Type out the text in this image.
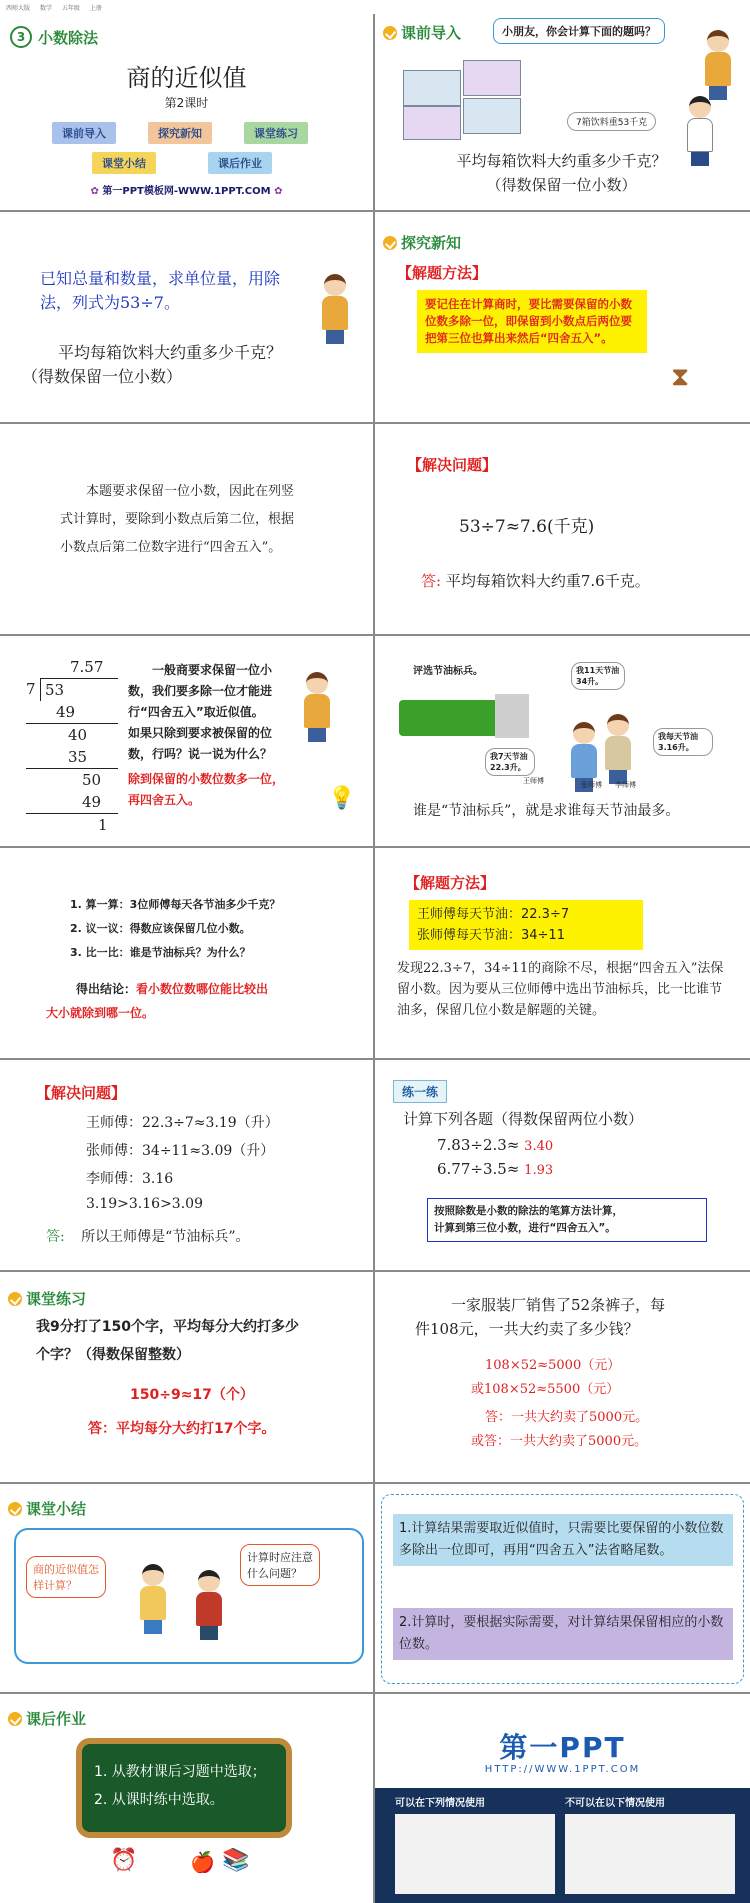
西师大版 数学 五年级 上册
3 小数除法
商的近似值
第2课时
课前导入	探究新知	课堂练习
课堂小结	课后作业
✿ 第一PPT模板网-WWW.1PPT.COM ✿
课前导入	小朋友，你会计算下面的题吗？
7箱饮料重53千克
平均每箱饮料大约重多少千克？
（得数保留一位小数）
已知总量和数量，求单位量，用除
法，列式为53÷7。
平均每箱饮料大约重多少千克？
（得数保留一位小数）
探究新知
【解题方法】
要记住在计算商时，要比需要保留的小数位数多除一位，即保留到小数点后两位要把第三位也算出来然后“四舍五入”。
⧗
本题要求保留一位小数，因此在列竖
式计算时，要除到小数点后第二位，根据
小数点后第二位数字进行“四舍五入”。
【解决问题】
53÷7≈7.6(千克)
答: 平均每箱饮料大约重7.6千克。
7.57
7 53
49
40
35
50
49
1
一般商要求保留一位小
数，我们要多除一位才能进
行“四舍五入”取近似值。
如果只除到要求被保留的位
数，行吗？说一说为什么？
除到保留的小数位数多一位，
再四舍五入。	💡
评选节油标兵。	我11天节油34升。
我7天节油22.3升。
我每天节油3.16升。
王师傅	张师傅 李师傅
谁是“节油标兵”，就是求谁每天节油最多。
1. 算一算：3位师傅每天各节油多少千克？
2. 议一议：得数应该保留几位小数。
3. 比一比：谁是节油标兵？为什么？
得出结论：看小数位数哪位能比较出
大小就除到哪一位。
【解题方法】
王师傅每天节油：22.3÷7
张师傅每天节油：34÷11
发现22.3÷7，34÷11的商除不尽，根据“四舍五入”法保留小数。因为要从三位师傅中选出节油标兵，比一比谁节油多，保留几位小数是解题的关键。
【解决问题】
王师傅：22.3÷7≈3.19（升）
张师傅：34÷11≈3.09（升）
李师傅：3.16
3.19>3.16>3.09
答: 所以王师傅是“节油标兵”。
练一练
计算下列各题（得数保留两位小数）
7.83÷2.3≈ 3.40
6.77÷3.5≈ 1.93
按照除数是小数的除法的笔算方法计算，
计算到第三位小数，进行“四舍五入”。
课堂练习
我9分打了150个字，平均每分大约打多少
个字？（得数保留整数）
150÷9≈17（个）
答：平均每分大约打17个字。
一家服装厂销售了52条裤子，每
件108元，一共大约卖了多少钱？
108×52≈5000（元）
或108×52≈5500（元）
答：一共大约卖了5000元。
或答：一共大约卖了5000元。
课堂小结
商的近似值怎样计算？
计算时应注意什么问题？
1.计算结果需要取近似值时，只需要比要保留的小数位数多除出一位即可，再用“四舍五入”法省略尾数。
2.计算时，要根据实际需要，对计算结果保留相应的小数位数。
课后作业
1. 从教材课后习题中选取；
2. 从课时练中选取。
⏰	🍎 📚
第一PPT
HTTP://WWW.1PPT.COM
可以在下列情况使用	不可以在以下情况使用
